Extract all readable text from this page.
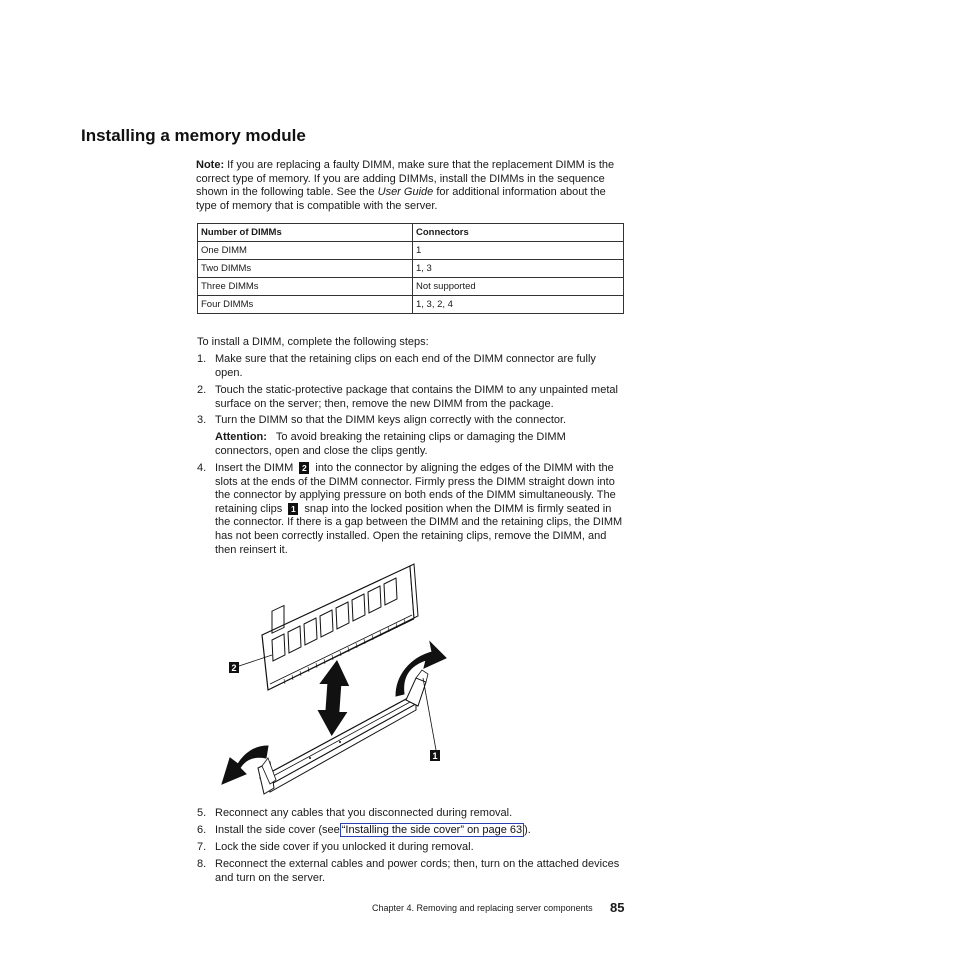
Installing a memory module
Note: If you are replacing a faulty DIMM, make sure that the replacement DIMM is the correct type of memory. If you are adding DIMMs, install the DIMMs in the sequence shown in the following table. See the User Guide for additional information about the type of memory that is compatible with the server.
Number of DIMMs	Connectors
One DIMM	1
Two DIMMs	1, 3
Three DIMMs	Not supported
Four DIMMs	1, 3, 2, 4
To install a DIMM, complete the following steps:
1. Make sure that the retaining clips on each end of the DIMM connector are fully open.
2. Touch the static-protective package that contains the DIMM to any unpainted metal surface on the server; then, remove the new DIMM from the package.
3. Turn the DIMM so that the DIMM keys align correctly with the connector.
Attention: To avoid breaking the retaining clips or damaging the DIMM connectors, open and close the clips gently.
4. Insert the DIMM 2 into the connector by aligning the edges of the DIMM with the slots at the ends of the DIMM connector. Firmly press the DIMM straight down into the connector by applying pressure on both ends of the DIMM simultaneously. The retaining clips 1 snap into the locked position when the DIMM is firmly seated in the connector. If there is a gap between the DIMM and the retaining clips, the DIMM has not been correctly installed. Open the retaining clips, remove the DIMM, and then reinsert it.
2
1
5. Reconnect any cables that you disconnected during removal.
6. Install the side cover (see “Installing the side cover” on page 63 ).
7. Lock the side cover if you unlocked it during removal.
8. Reconnect the external cables and power cords; then, turn on the attached devices and turn on the server.
Chapter 4. Removing and replacing server components 85
